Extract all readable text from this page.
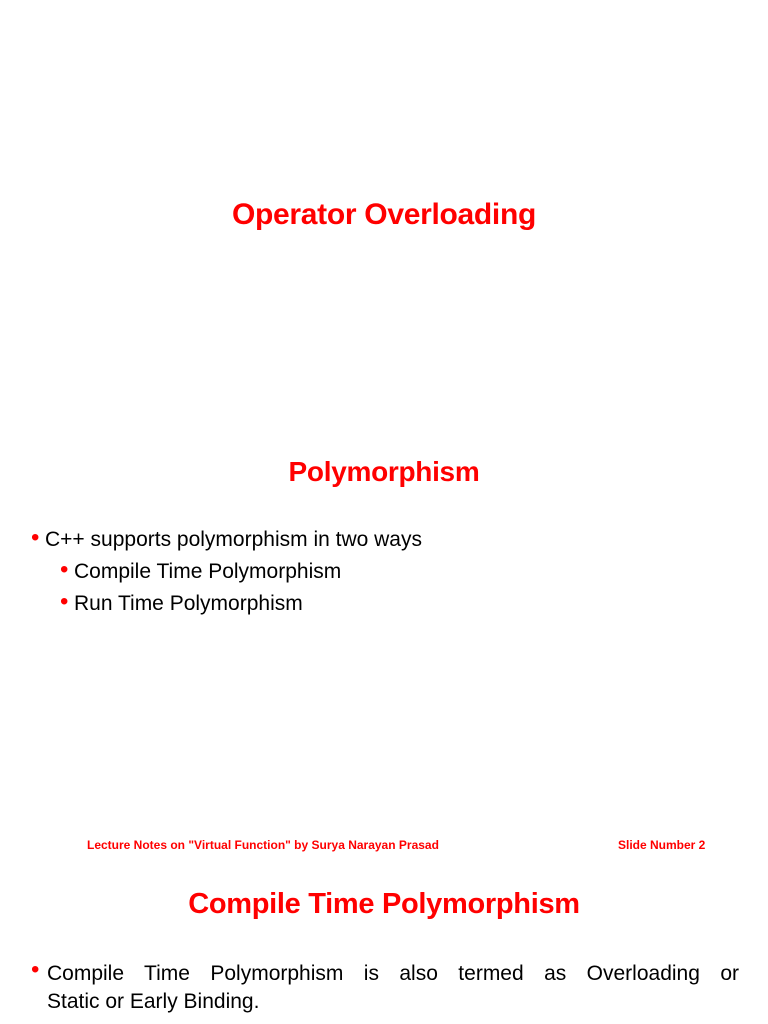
Operator Overloading
Polymorphism
• C++ supports polymorphism in two ways
• Compile Time Polymorphism
• Run Time Polymorphism
Lecture Notes on "Virtual Function" by Surya Narayan Prasad	Slide Number 2
Compile Time Polymorphism
• Compile Time Polymorphism is also termed as Overloading or
Static or Early Binding.
